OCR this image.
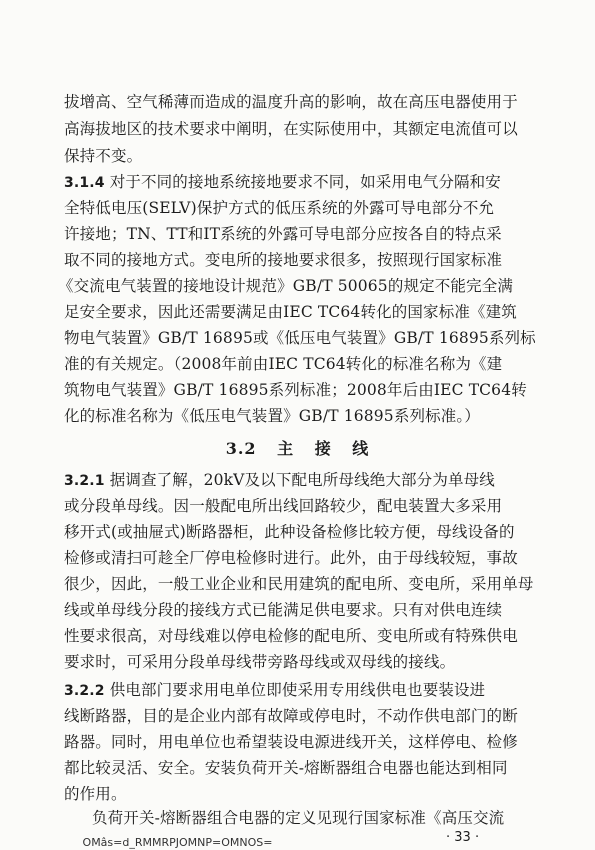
拔增高、空气稀薄而造成的温度升高的影响，故在高压电器使用于
高海拔地区的技术要求中阐明，在实际使用中，其额定电流值可以
保持不变。
3.1.4 对于不同的接地系统接地要求不同，如采用电气分隔和安
全特低电压(SELV)保护方式的低压系统的外露可导电部分不允
许接地；TN、TT和IT系统的外露可导电部分应按各自的特点采
取不同的接地方式。变电所的接地要求很多，按照现行国家标准
《交流电气装置的接地设计规范》GB/T 50065的规定不能完全满
足安全要求，因此还需要满足由IEC TC64转化的国家标准《建筑
物电气装置》GB/T 16895或《低压电气装置》GB/T 16895系列标
准的有关规定。（2008年前由IEC TC64转化的标准名称为《建
筑物电气装置》GB/T 16895系列标准；2008年后由IEC TC64转
3.2 主 接 线
3.2.1 据调查了解，20kV及以下配电所母线绝大部分为单母线
或分段单母线。因一般配电所出线回路较少，配电装置大多采用
移开式(或抽屉式)断路器柜，此种设备检修比较方便，母线设备的
检修或清扫可趁全厂停电检修时进行。此外，由于母线较短，事故
很少，因此，一般工业企业和民用建筑的配电所、变电所，采用单母
线或单母线分段的接线方式已能满足供电要求。只有对供电连续
性要求很高，对母线难以停电检修的配电所、变电所或有特殊供电
要求时，可采用分段单母线带旁路母线或双母线的接线。
3.2.2 供电部门要求用电单位即使采用专用线供电也要装设进
线断路器，目的是企业内部有故障或停电时，不动作供电部门的断
路器。同时，用电单位也希望装设电源进线开关，这样停电、检修
都比较灵活、安全。安装负荷开关-熔断器组合电器也能达到相同
的作用。
· 33 ·
OMâs=d_RMMRPJOMNP=OMNOS=
化的标准名称为《低压电气装置》GB/T 16895系列标准。）
负荷开关-熔断器组合电器的定义见现行国家标准《高压交流
